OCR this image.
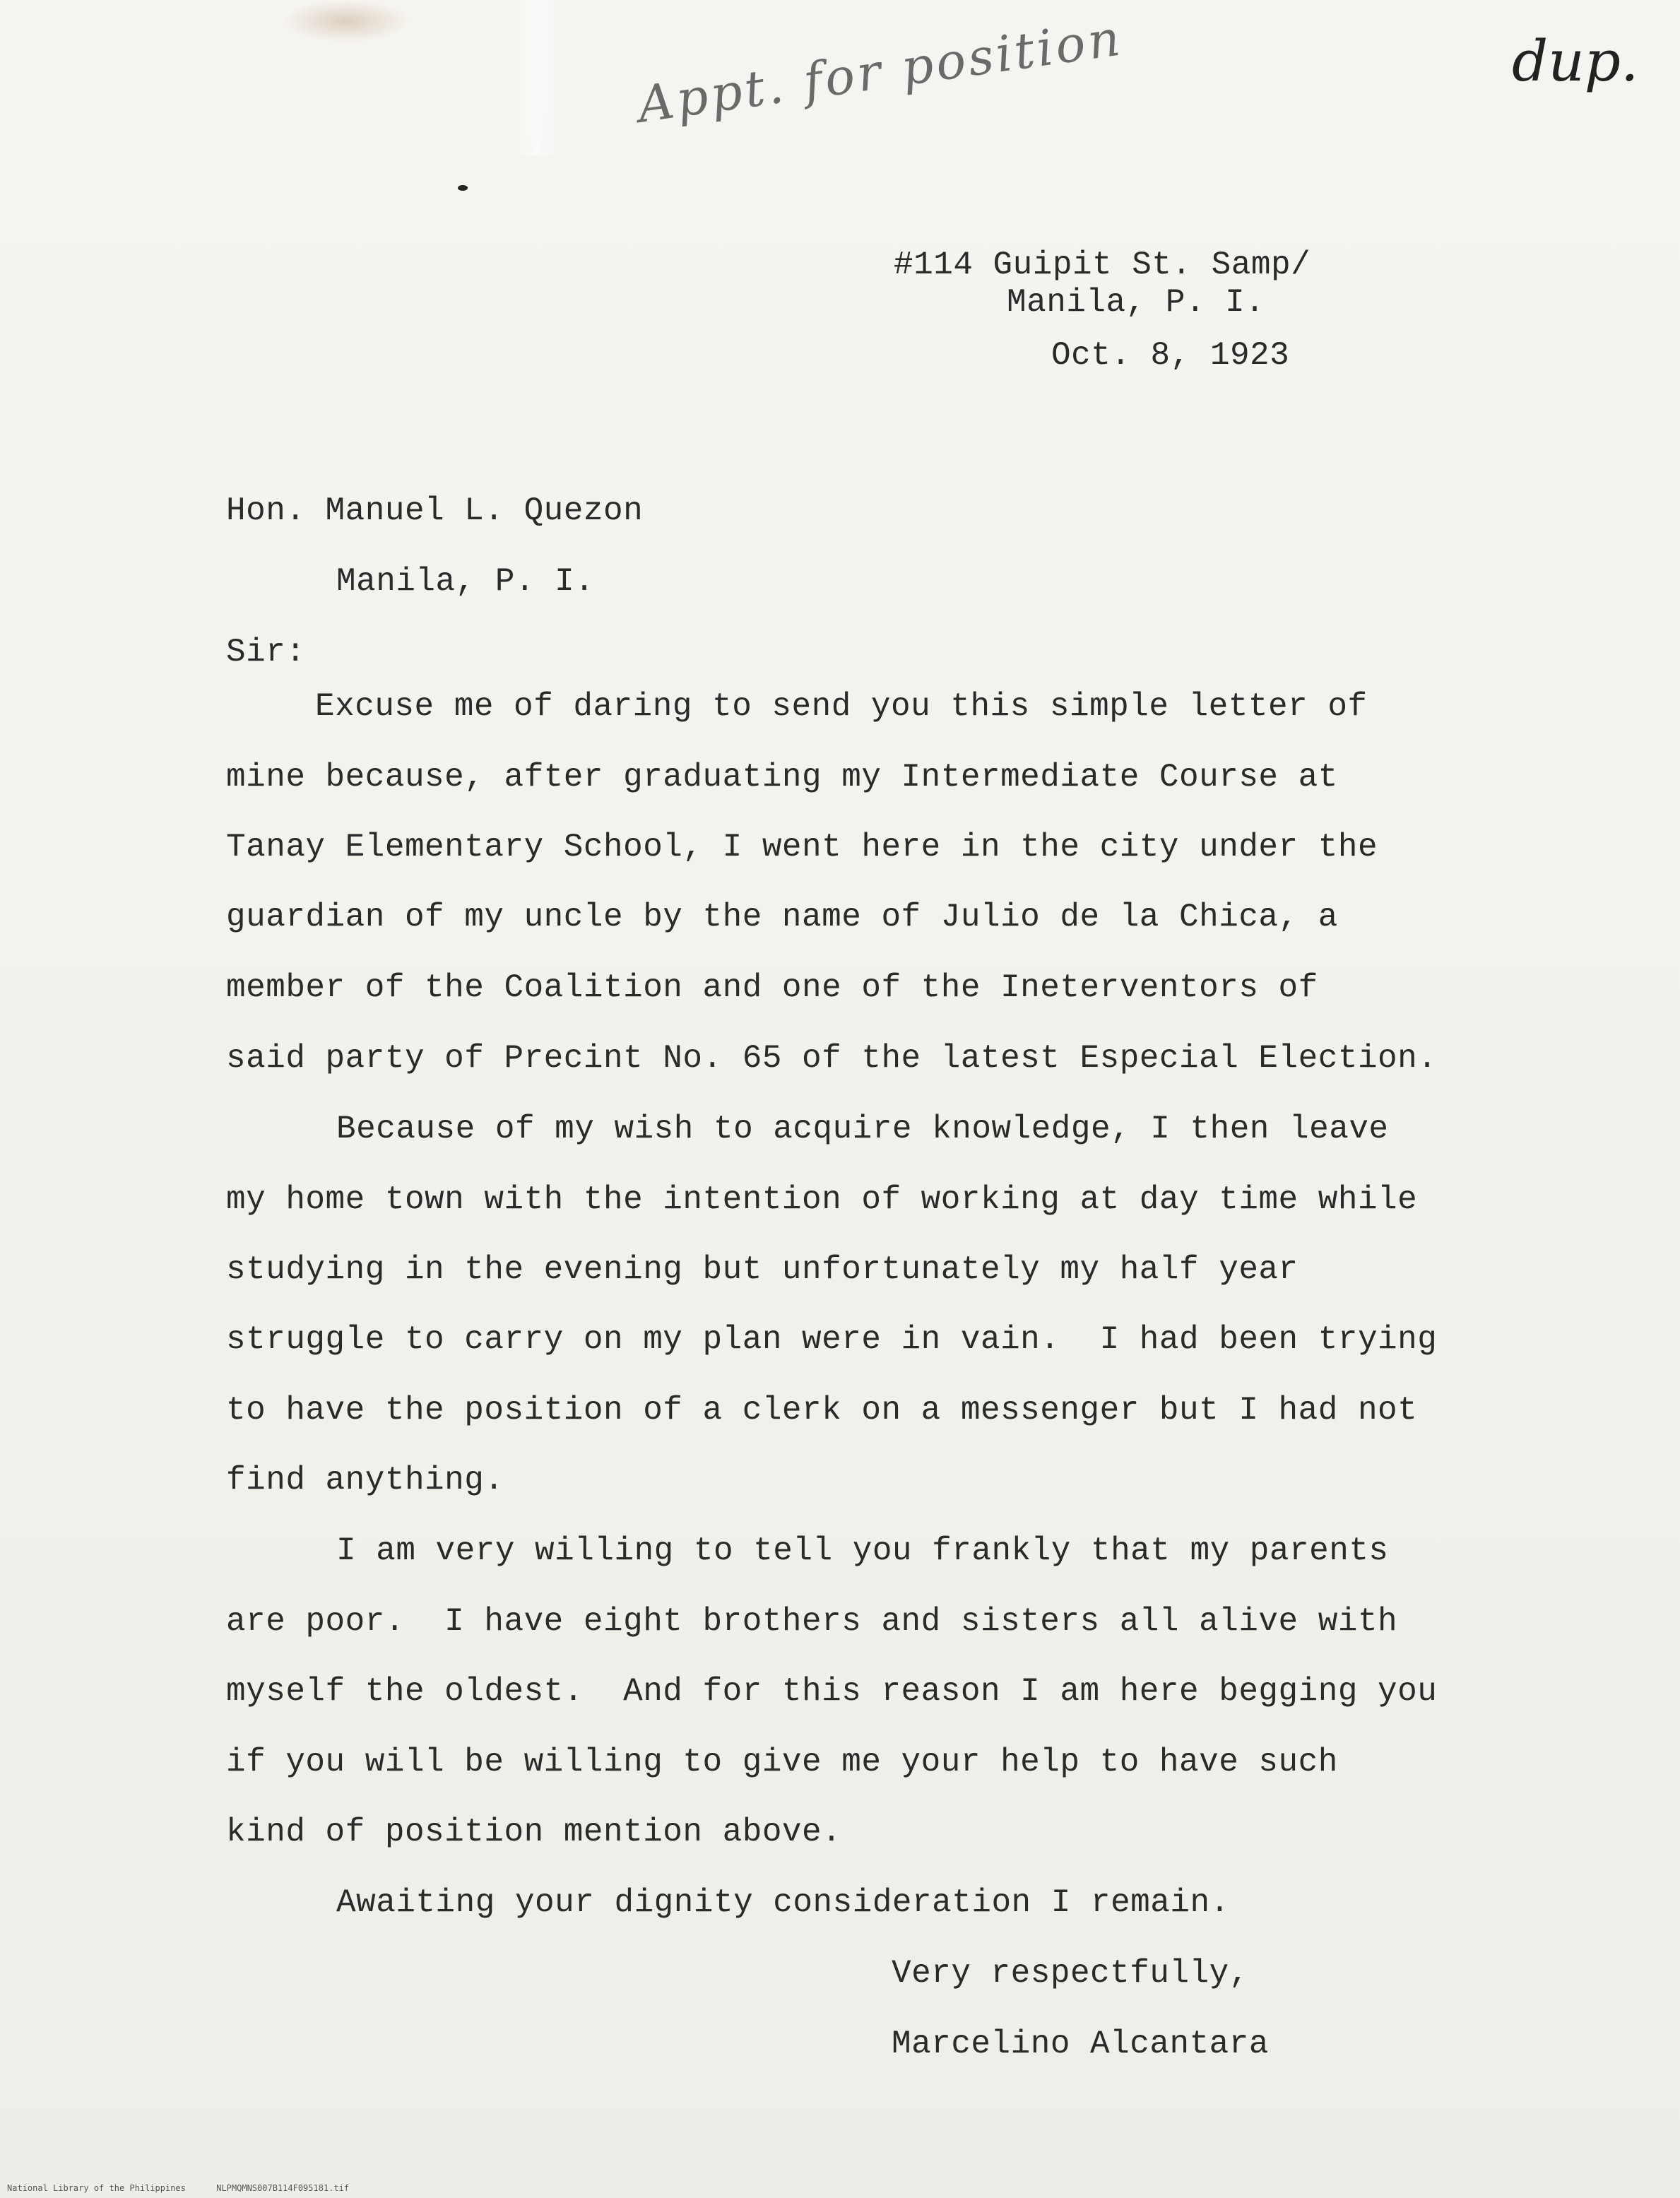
Appt. for position	dup.
#114 Guipit St. Samp/
Manila, P. I.
Oct. 8, 1923
Hon. Manuel L. Quezon
Manila, P. I.
Sir:
Excuse me of daring to send you this simple letter of
mine because, after graduating my Intermediate Course at
Tanay Elementary School, I went here in the city under the
guardian of my uncle by the name of Julio de la Chica, a
member of the Coalition and one of the Ineterventors of
said party of Precint No. 65 of the latest Especial Election.
Because of my wish to acquire knowledge, I then leave
my home town with the intention of working at day time while
studying in the evening but unfortunately my half year
struggle to carry on my plan were in vain.  I had been trying
to have the position of a clerk on a messenger but I had not
find anything.
I am very willing to tell you frankly that my parents
are poor.  I have eight brothers and sisters all alive with
myself the oldest.  And for this reason I am here begging you
if you will be willing to give me your help to have such
kind of position mention above.
Awaiting your dignity consideration I remain.
Very respectfully,
Marcelino Alcantara
National Library of the Philippines	NLPMQMNS007B114F095181.tif
